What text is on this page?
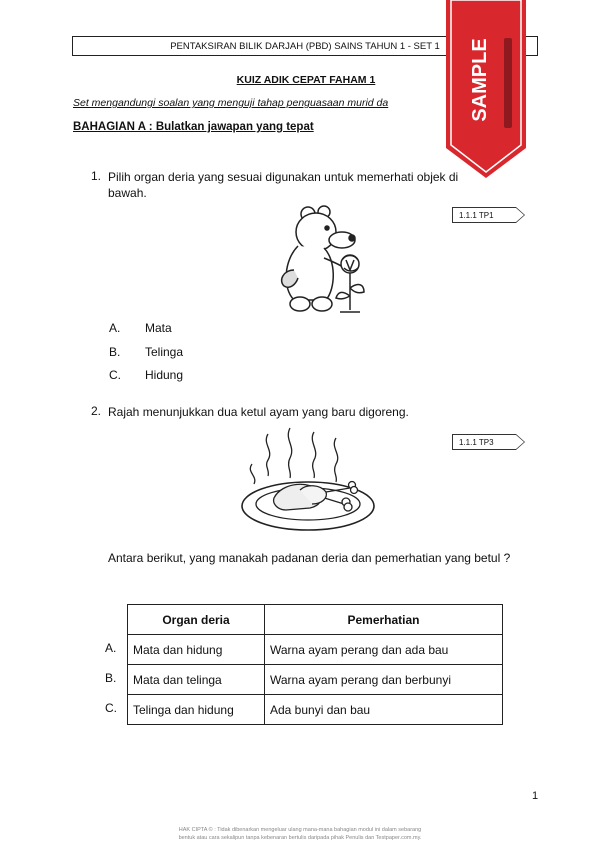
PENTAKSIRAN BILIK DARJAH (PBD) SAINS TAHUN 1 - SET 1	SAMPLE
KUIZ ADIK CEPAT FAHAM 1
Set mengandungi soalan yang menguji tahap penguasaan murid da
BAHAGIAN A : Bulatkan jawapan yang tepat
1. Pilih organ deria yang sesuai digunakan untuk memerhati objek di bawah.
1.1.1 TP1
A. Mata
B. Telinga
C. Hidung
2. Rajah menunjukkan dua ketul ayam yang baru digoreng.
1.1.1 TP3
Antara berikut, yang manakah padanan deria dan pemerhatian yang betul ?
A.
B.
C.
Organ deria	Pemerhatian
Mata dan hidung	Warna ayam perang dan ada bau
Mata dan telinga	Warna ayam perang dan berbunyi
Telinga dan hidung	Ada bunyi dan bau
1
HAK CIPTA © : Tidak dibenarkan mengeluar ulang mana-mana bahagian modul ini dalam sebarang
bentuk atau cara sekalipun tanpa kebenaran bertulis daripada pihak Penulis dan Testpaper.com.my.
